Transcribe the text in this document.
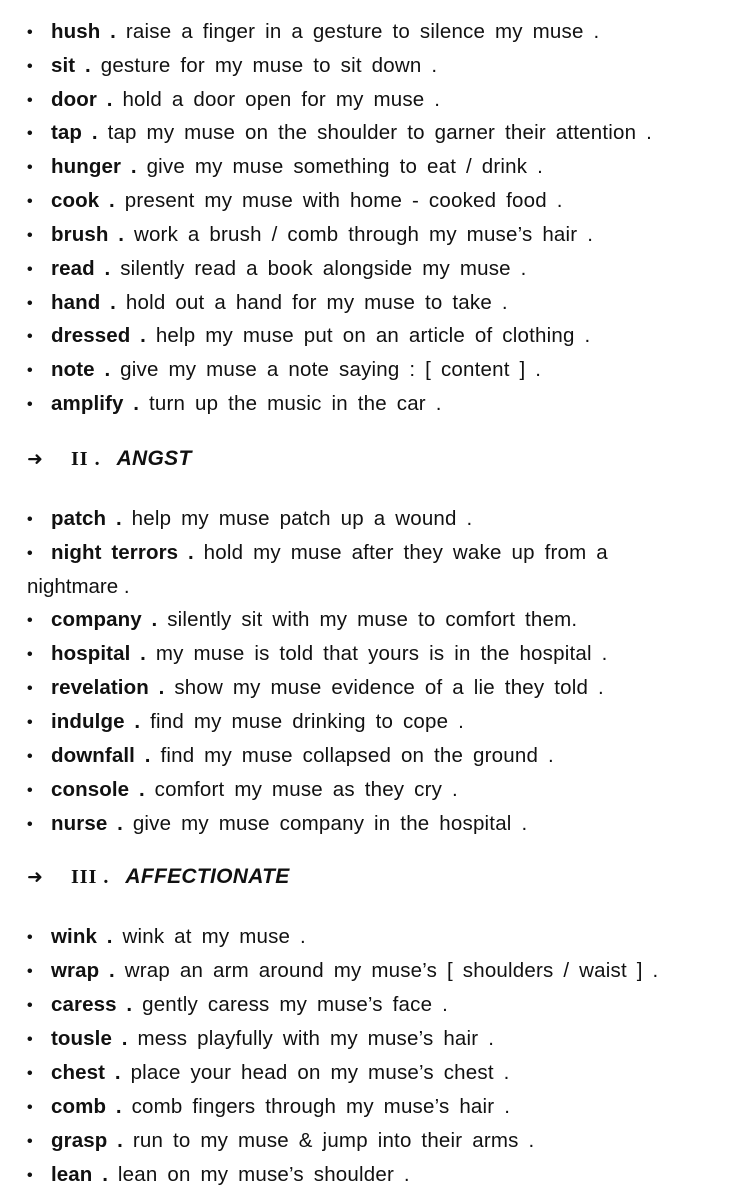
• hush . raise a finger in a gesture to silence my muse .
• sit . gesture for my muse to sit down .
• door . hold a door open for my muse .
• tap . tap my muse on the shoulder to garner their attention .
• hunger . give my muse something to eat / drink .
• cook . present my muse with home - cooked food .
• brush . work a brush / comb through my muse’s hair .
• read . silently read a book alongside my muse .
• hand . hold out a hand for my muse to take .
• dressed . help my muse put on an article of clothing .
• note . give my muse a note saying : [ content ] .
• amplify . turn up the music in the car .
➜ II . ANGST
• patch . help my muse patch up a wound .
• night terrors . hold my muse after they wake up from a
nightmare .
• company . silently sit with my muse to comfort them.
• hospital . my muse is told that yours is in the hospital .
• revelation . show my muse evidence of a lie they told .
• indulge . find my muse drinking to cope .
• downfall . find my muse collapsed on the ground .
• console . comfort my muse as they cry .
• nurse . give my muse company in the hospital .
➜ III . AFFECTIONATE
• wink . wink at my muse .
• wrap . wrap an arm around my muse’s [ shoulders / waist ] .
• caress . gently caress my muse’s face .
• tousle . mess playfully with my muse’s hair .
• chest . place your head on my muse’s chest .
• comb . comb fingers through my muse’s hair .
• grasp . run to my muse & jump into their arms .
• lean . lean on my muse’s shoulder .
